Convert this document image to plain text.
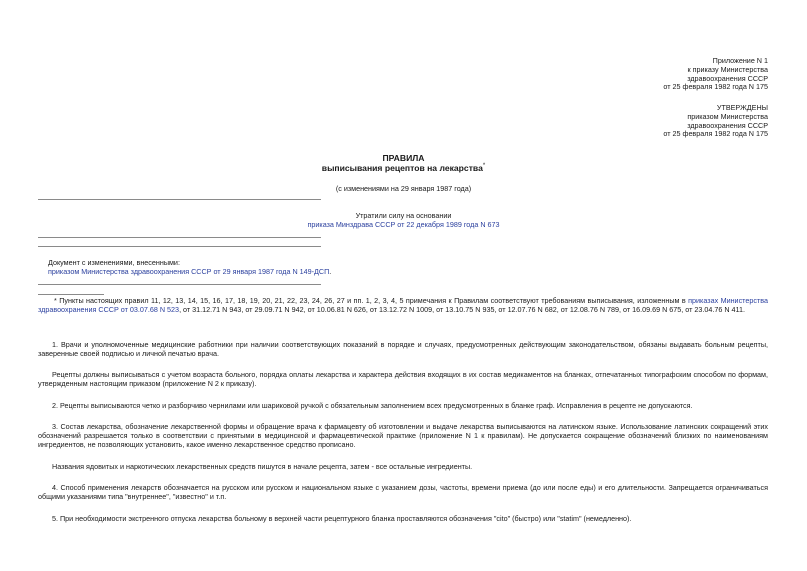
Приложение N 1
к приказу Министерства
здравоохранения СССР
от 25 февраля 1982 года N 175
УТВЕРЖДЕНЫ
приказом Министерства
здравоохранения СССР
от 25 февраля 1982 года N 175
ПРАВИЛА
выписывания рецептов на лекарства*
(с изменениями на 29 января 1987 года)
Утратили силу на основании
приказа Минздрава СССР от 22 декабря 1989 года N 673
Документ с изменениями, внесенными:
приказом Министерства здравоохранения СССР от 29 января 1987 года N 149-ДСП.
* Пункты настоящих правил 11, 12, 13, 14, 15, 16, 17, 18, 19, 20, 21, 22, 23, 24, 26, 27 и пп. 1, 2, 3, 4, 5 примечания к Правилам соответствуют требованиям выписывания, изложенным в приказах Министерства здравоохранения СССР от 03.07.68 N 523, от 31.12.71 N 943, от 29.09.71 N 942, от 10.06.81 N 626, от 13.12.72 N 1009, от 13.10.75 N 935, от 12.07.76 N 682, от 12.08.76 N 789, от 16.09.69 N 675, от 23.04.76 N 411.
1. Врачи и уполномоченные медицинские работники при наличии соответствующих показаний в порядке и случаях, предусмотренных действующим законодательством, обязаны выдавать больным рецепты, заверенные своей подписью и личной печатью врача.
Рецепты должны выписываться с учетом возраста больного, порядка оплаты лекарства и характера действия входящих в их состав медикаментов на бланках, отпечатанных типографским способом по формам, утвержденным настоящим приказом (приложение N 2 к приказу).
2. Рецепты выписываются четко и разборчиво чернилами или шариковой ручкой с обязательным заполнением всех предусмотренных в бланке граф. Исправления в рецепте не допускаются.
3. Состав лекарства, обозначение лекарственной формы и обращение врача к фармацевту об изготовлении и выдаче лекарства выписываются на латинском языке. Использование латинских сокращений этих обозначений разрешается только в соответствии с принятыми в медицинской и фармацевтической практике (приложение N 1 к правилам). Не допускается сокращение обозначений близких по наименованиям ингредиентов, не позволяющих установить, какое именно лекарственное средство прописано.
Названия ядовитых и наркотических лекарственных средств пишутся в начале рецепта, затем - все остальные ингредиенты.
4. Способ применения лекарств обозначается на русском или русском и национальном языке с указанием дозы, частоты, времени приема (до или после еды) и его длительности. Запрещается ограничиваться общими указаниями типа "внутреннее", "известно" и т.п.
5. При необходимости экстренного отпуска лекарства больному в верхней части рецептурного бланка проставляются обозначения "cito" (быстро) или "statim" (немедленно).
